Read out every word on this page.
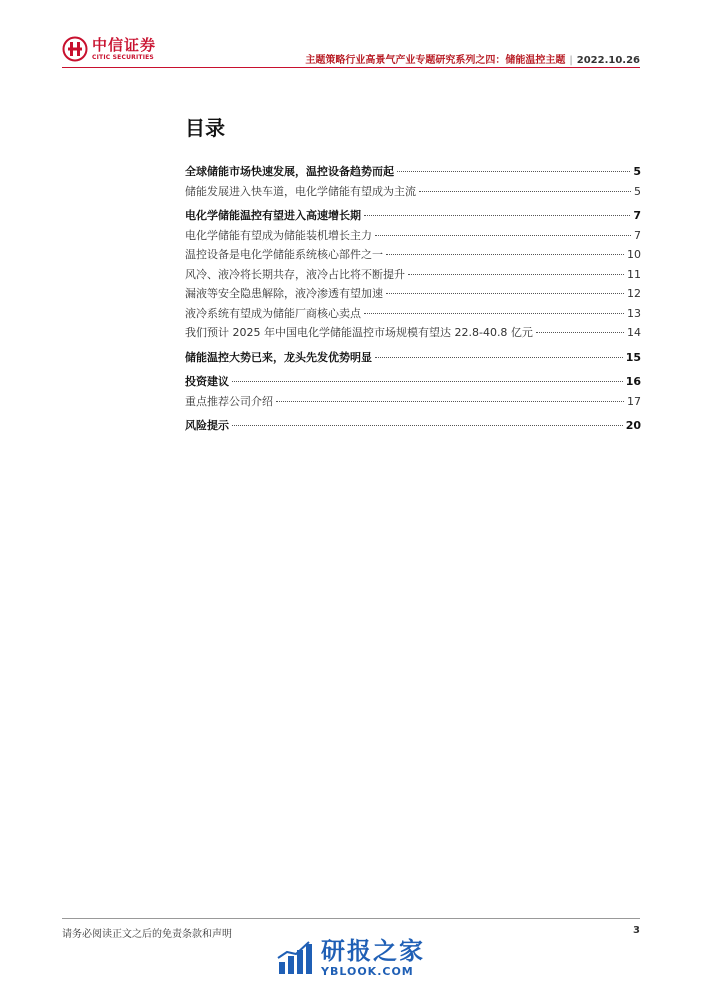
中信证券
CITIC SECURITIES	主题策略行业高景气产业专题研究系列之四：储能温控主题 | 2022.10.26
目录
全球储能市场快速发展，温控设备趋势而起	5
储能发展进入快车道，电化学储能有望成为主流	5
电化学储能温控有望进入高速增长期	7
电化学储能有望成为储能装机增长主力	7
温控设备是电化学储能系统核心部件之一	10
风冷、液冷将长期共存，液冷占比将不断提升	11
漏液等安全隐患解除，液冷渗透有望加速	12
液冷系统有望成为储能厂商核心卖点	13
我们预计 2025 年中国电化学储能温控市场规模有望达 22.8-40.8 亿元	14
储能温控大势已来，龙头先发优势明显	15
投资建议	16
重点推荐公司介绍	17
风险提示	20
请务必阅读正文之后的免责条款和声明	3
研报之家
YBLOOK.COM
